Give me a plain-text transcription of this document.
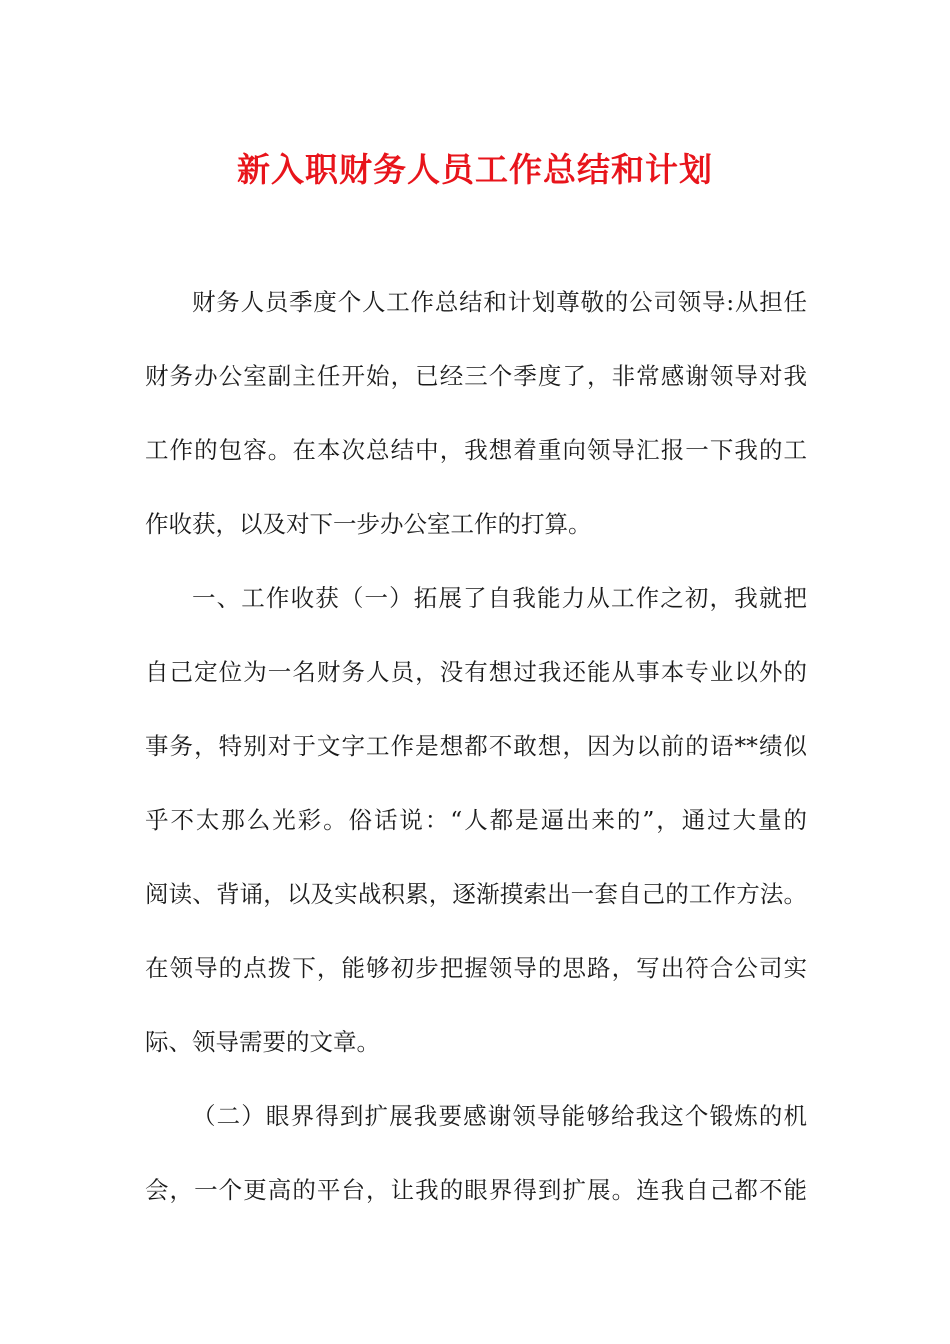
新入职财务人员工作总结和计划
财务人员季度个人工作总结和计划尊敬的公司领导:从担任
财务办公室副主任开始，已经三个季度了，非常感谢领导对我
工作的包容。在本次总结中，我想着重向领导汇报一下我的工
作收获，以及对下一步办公室工作的打算。
一、工作收获（一）拓展了自我能力从工作之初，我就把
自己定位为一名财务人员，没有想过我还能从事本专业以外的
事务，特别对于文字工作是想都不敢想，因为以前的语**绩似
乎不太那么光彩。俗话说：“人都是逼出来的”，通过大量的
阅读、背诵，以及实战积累，逐渐摸索出一套自己的工作方法。
在领导的点拨下，能够初步把握领导的思路，写出符合公司实
际、领导需要的文章。
（二）眼界得到扩展我要感谢领导能够给我这个锻炼的机
会，一个更高的平台，让我的眼界得到扩展。连我自己都不能
